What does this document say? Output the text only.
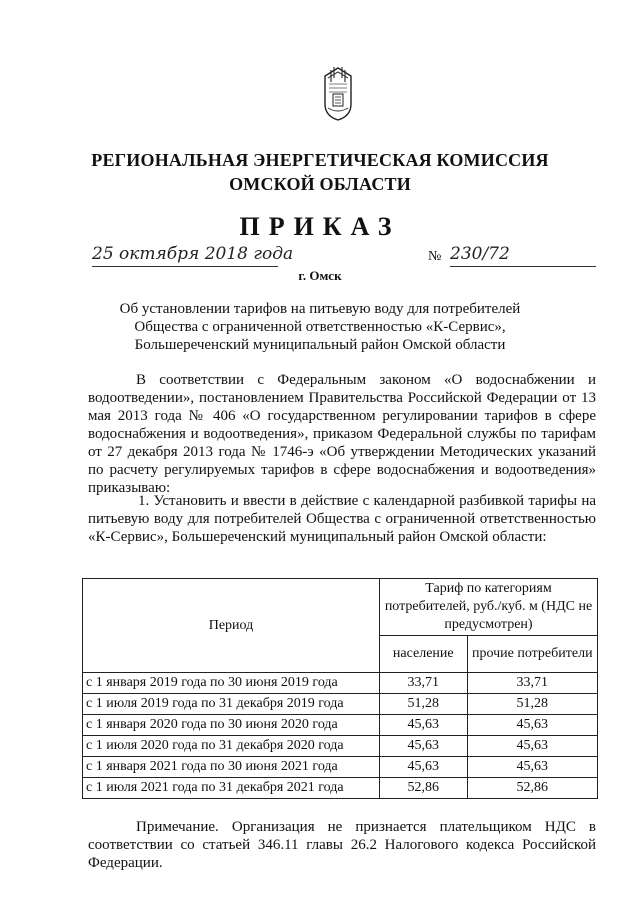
РЕГИОНАЛЬНАЯ ЭНЕРГЕТИЧЕСКАЯ КОМИССИЯ
ОМСКОЙ ОБЛАСТИ
ПРИКАЗ
25 октября 2018 года	№ 230/72
г. Омск
Об установлении тарифов на питьевую воду для потребителей
Общества с ограниченной ответственностью «К-Сервис»,
Большереченский муниципальный район Омской области
В соответствии с Федеральным законом «О водоснабжении и водоотведении», постановлением Правительства Российской Федерации от 13 мая 2013 года № 406 «О государственном регулировании тарифов в сфере водоснабжения и водоотведения», приказом Федеральной службы по тарифам от 27 декабря 2013 года № 1746-э «Об утверждении Методических указаний по расчету регулируемых тарифов в сфере водоснабжения и водоотведения» приказываю:
1. Установить и ввести в действие с календарной разбивкой тарифы на питьевую воду для потребителей Общества с ограниченной ответственностью «К-Сервис», Большереченский муниципальный район Омской области:
Период	Тариф по категориям потребителей, руб./куб. м (НДС не предусмотрен)	
	население	прочие потребители
с 1 января 2019 года по 30 июня 2019 года	33,71	33,71
с 1 июля 2019 года по 31 декабря 2019 года	51,28	51,28
с 1 января 2020 года по 30 июня 2020 года	45,63	45,63
с 1 июля 2020 года по 31 декабря 2020 года	45,63	45,63
с 1 января 2021 года по 30 июня 2021 года	45,63	45,63
с 1 июля 2021 года по 31 декабря 2021 года	52,86	52,86
Примечание. Организация не признается плательщиком НДС в соответствии со статьей 346.11 главы 26.2 Налогового кодекса Российской Федерации.
